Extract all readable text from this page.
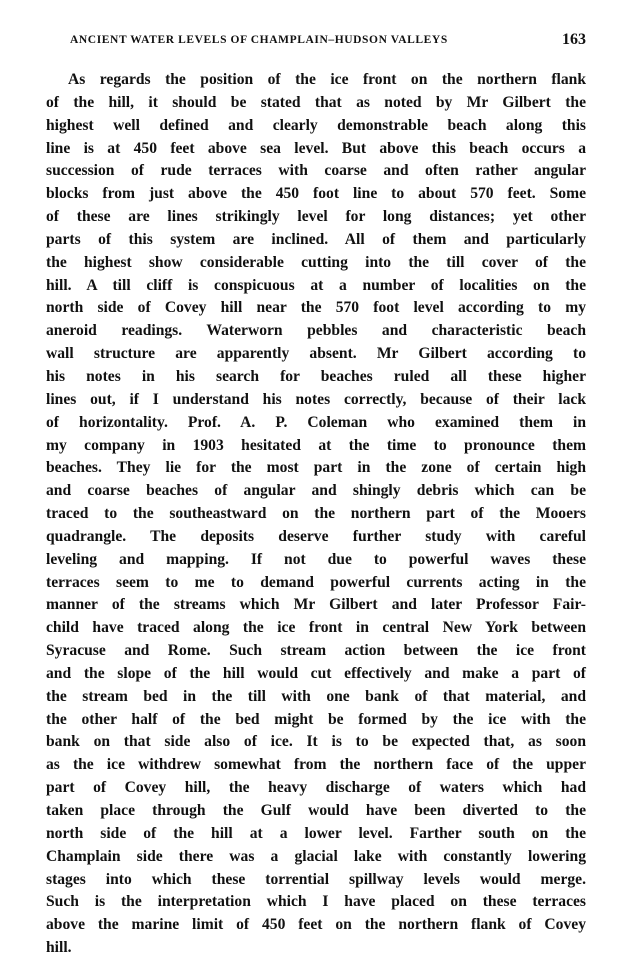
ANCIENT WATER LEVELS OF CHAMPLAIN–HUDSON VALLEYS	163
As regards the position of the ice front on the northern flank
of the hill, it should be stated that as noted by Mr Gilbert the
highest well defined and clearly demonstrable beach along this
line is at 450 feet above sea level. But above this beach occurs a
succession of rude terraces with coarse and often rather angular
blocks from just above the 450 foot line to about 570 feet. Some
of these are lines strikingly level for long distances; yet other
parts of this system are inclined. All of them and particularly
the highest show considerable cutting into the till cover of the
hill. A till cliff is conspicuous at a number of localities on the
north side of Covey hill near the 570 foot level according to my
aneroid readings. Waterworn pebbles and characteristic beach
wall structure are apparently absent. Mr Gilbert according to
his notes in his search for beaches ruled all these higher
lines out, if I understand his notes correctly, because of their lack
of horizontality. Prof. A. P. Coleman who examined them in
my company in 1903 hesitated at the time to pronounce them
beaches. They lie for the most part in the zone of certain high
and coarse beaches of angular and shingly debris which can be
traced to the southeastward on the northern part of the Mooers
quadrangle. The deposits deserve further study with careful
leveling and mapping. If not due to powerful waves these
terraces seem to me to demand powerful currents acting in the
manner of the streams which Mr Gilbert and later Professor Fair-
child have traced along the ice front in central New York between
Syracuse and Rome. Such stream action between the ice front
and the slope of the hill would cut effectively and make a part of
the stream bed in the till with one bank of that material, and
the other half of the bed might be formed by the ice with the
bank on that side also of ice. It is to be expected that, as soon
as the ice withdrew somewhat from the northern face of the upper
part of Covey hill, the heavy discharge of waters which had
taken place through the Gulf would have been diverted to the
north side of the hill at a lower level. Farther south on the
Champlain side there was a glacial lake with constantly lowering
stages into which these torrential spillway levels would merge.
Such is the interpretation which I have placed on these terraces
above the marine limit of 450 feet on the northern flank of Covey
hill.
